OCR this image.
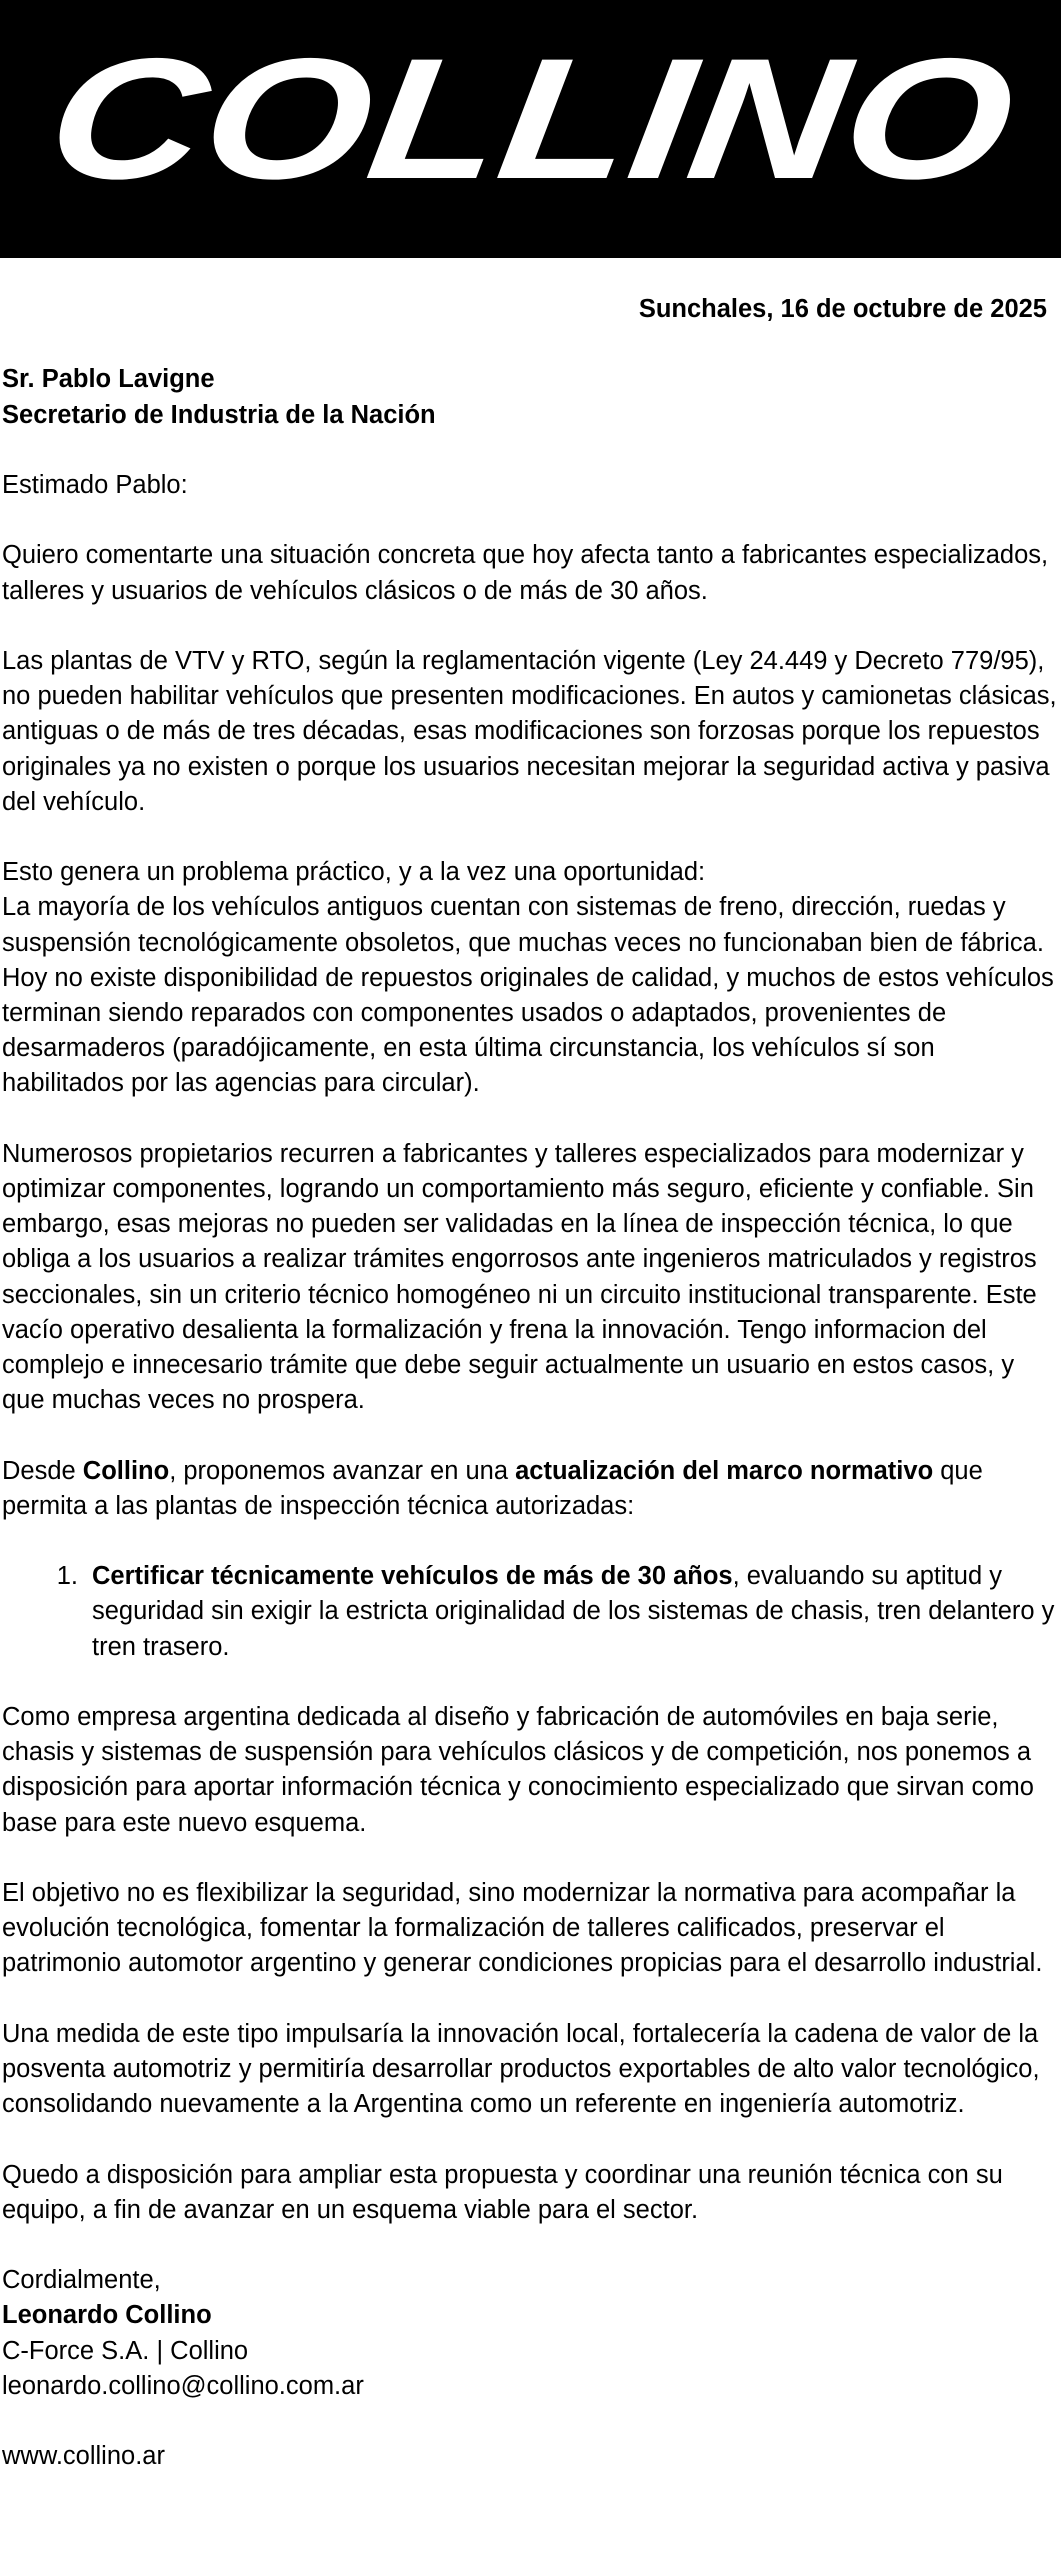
COLLINO
Sunchales, 16 de octubre de 2025

Sr. Pablo Lavigne
Secretario de Industria de la Nación

Estimado Pablo:

Quiero comentarte una situación concreta que hoy afecta tanto a fabricantes especializados, talleres y usuarios de vehículos clásicos o de más de 30 años.

Las plantas de VTV y RTO, según la reglamentación vigente (Ley 24.449 y Decreto 779/95), no pueden habilitar vehículos que presenten modificaciones. En autos y camionetas clásicas, antiguas o de más de tres décadas, esas modificaciones son forzosas porque los repuestos originales ya no existen o porque los usuarios necesitan mejorar la seguridad activa y pasiva del vehículo.

Esto genera un problema práctico, y a la vez una oportunidad:
La mayoría de los vehículos antiguos cuentan con sistemas de freno, dirección, ruedas y suspensión tecnológicamente obsoletos, que muchas veces no funcionaban bien de fábrica. Hoy no existe disponibilidad de repuestos originales de calidad, y muchos de estos vehículos terminan siendo reparados con componentes usados o adaptados, provenientes de desarmaderos (paradójicamente, en esta última circunstancia, los vehículos sí son habilitados por las agencias para circular).

Numerosos propietarios recurren a fabricantes y talleres especializados para modernizar y optimizar componentes, logrando un comportamiento más seguro, eficiente y confiable. Sin embargo, esas mejoras no pueden ser validadas en la línea de inspección técnica, lo que obliga a los usuarios a realizar trámites engorrosos ante ingenieros matriculados y registros seccionales, sin un criterio técnico homogéneo ni un circuito institucional transparente. Este vacío operativo desalienta la formalización y frena la innovación. Tengo informacion del complejo e innecesario trámite que debe seguir actualmente un usuario en estos casos, y que muchas veces no prospera.

Desde Collino, proponemos avanzar en una actualización del marco normativo que permita a las plantas de inspección técnica autorizadas:

1. Certificar técnicamente vehículos de más de 30 años, evaluando su aptitud y seguridad sin exigir la estricta originalidad de los sistemas de chasis, tren delantero y tren trasero.

Como empresa argentina dedicada al diseño y fabricación de automóviles en baja serie, chasis y sistemas de suspensión para vehículos clásicos y de competición, nos ponemos a disposición para aportar información técnica y conocimiento especializado que sirvan como base para este nuevo esquema.

El objetivo no es flexibilizar la seguridad, sino modernizar la normativa para acompañar la evolución tecnológica, fomentar la formalización de talleres calificados, preservar el patrimonio automotor argentino y generar condiciones propicias para el desarrollo industrial.

Una medida de este tipo impulsaría la innovación local, fortalecería la cadena de valor de la posventa automotriz y permitiría desarrollar productos exportables de alto valor tecnológico, consolidando nuevamente a la Argentina como un referente en ingeniería automotriz.

Quedo a disposición para ampliar esta propuesta y coordinar una reunión técnica con su equipo, a fin de avanzar en un esquema viable para el sector.

Cordialmente,
Leonardo Collino
C-Force S.A. | Collino
leonardo.collino@collino.com.ar

www.collino.ar
